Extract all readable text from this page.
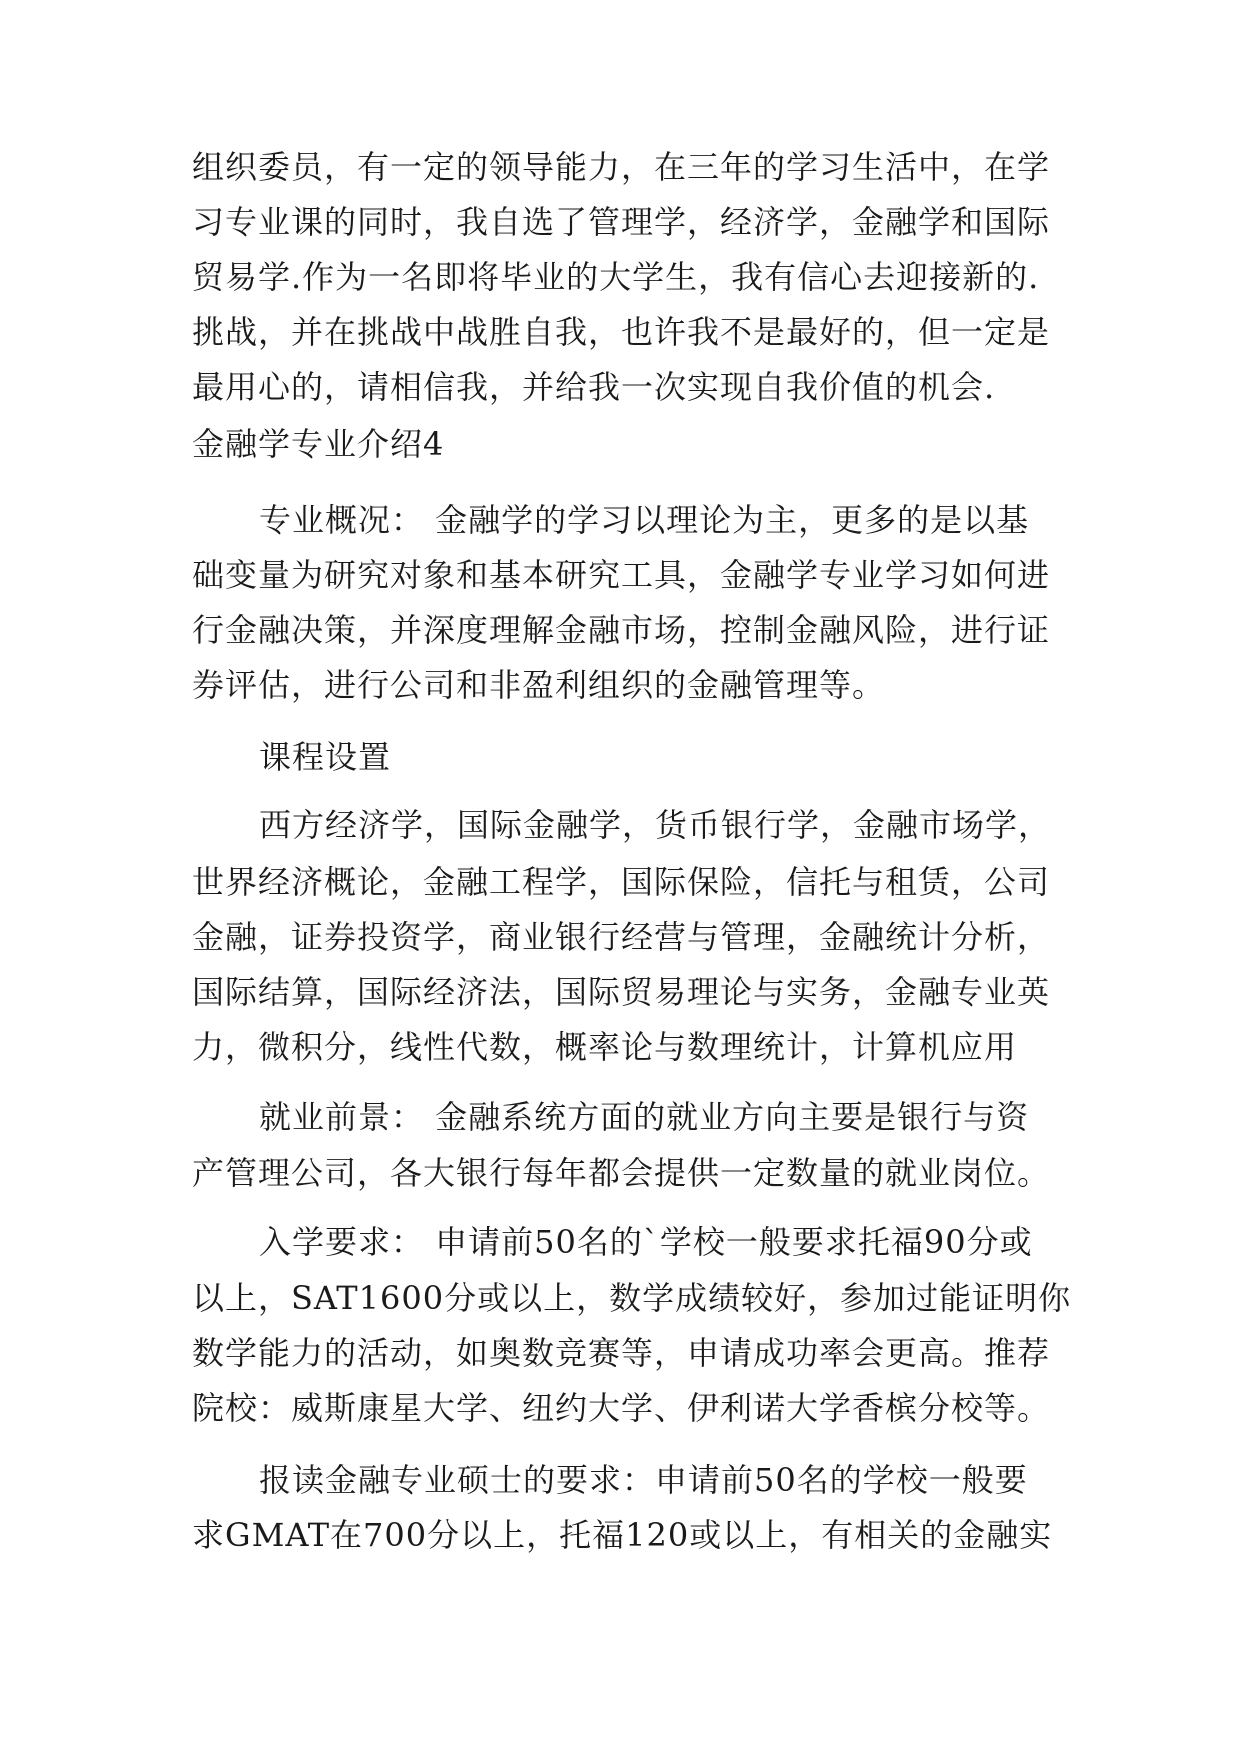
组织委员，有一定的领导能力，在三年的学习生活中，在学
习专业课的同时，我自选了管理学，经济学，金融学和国际
贸易学.作为一名即将毕业的大学生，我有信心去迎接新的.
挑战，并在挑战中战胜自我，也许我不是最好的，但一定是
最用心的，请相信我，并给我一次实现自我价值的机会.
金融学专业介绍4
专业概况： 金融学的学习以理论为主，更多的是以基
础变量为研究对象和基本研究工具，金融学专业学习如何进
行金融决策，并深度理解金融市场，控制金融风险，进行证
券评估，进行公司和非盈利组织的金融管理等。
课程设置
西方经济学，国际金融学，货币银行学，金融市场学，
世界经济概论，金融工程学，国际保险，信托与租赁，公司
金融，证券投资学，商业银行经营与管理，金融统计分析，
国际结算，国际经济法，国际贸易理论与实务，金融专业英
力，微积分，线性代数，概率论与数理统计，计算机应用
就业前景： 金融系统方面的就业方向主要是银行与资
产管理公司，各大银行每年都会提供一定数量的就业岗位。
入学要求： 申请前50名的`学校一般要求托福90分或
以上，SAT1600分或以上，数学成绩较好，参加过能证明你
数学能力的活动，如奥数竞赛等，申请成功率会更高。推荐
院校：威斯康星大学、纽约大学、伊利诺大学香槟分校等。
报读金融专业硕士的要求：申请前50名的学校一般要
求GMAT在700分以上，托福120或以上，有相关的金融实
